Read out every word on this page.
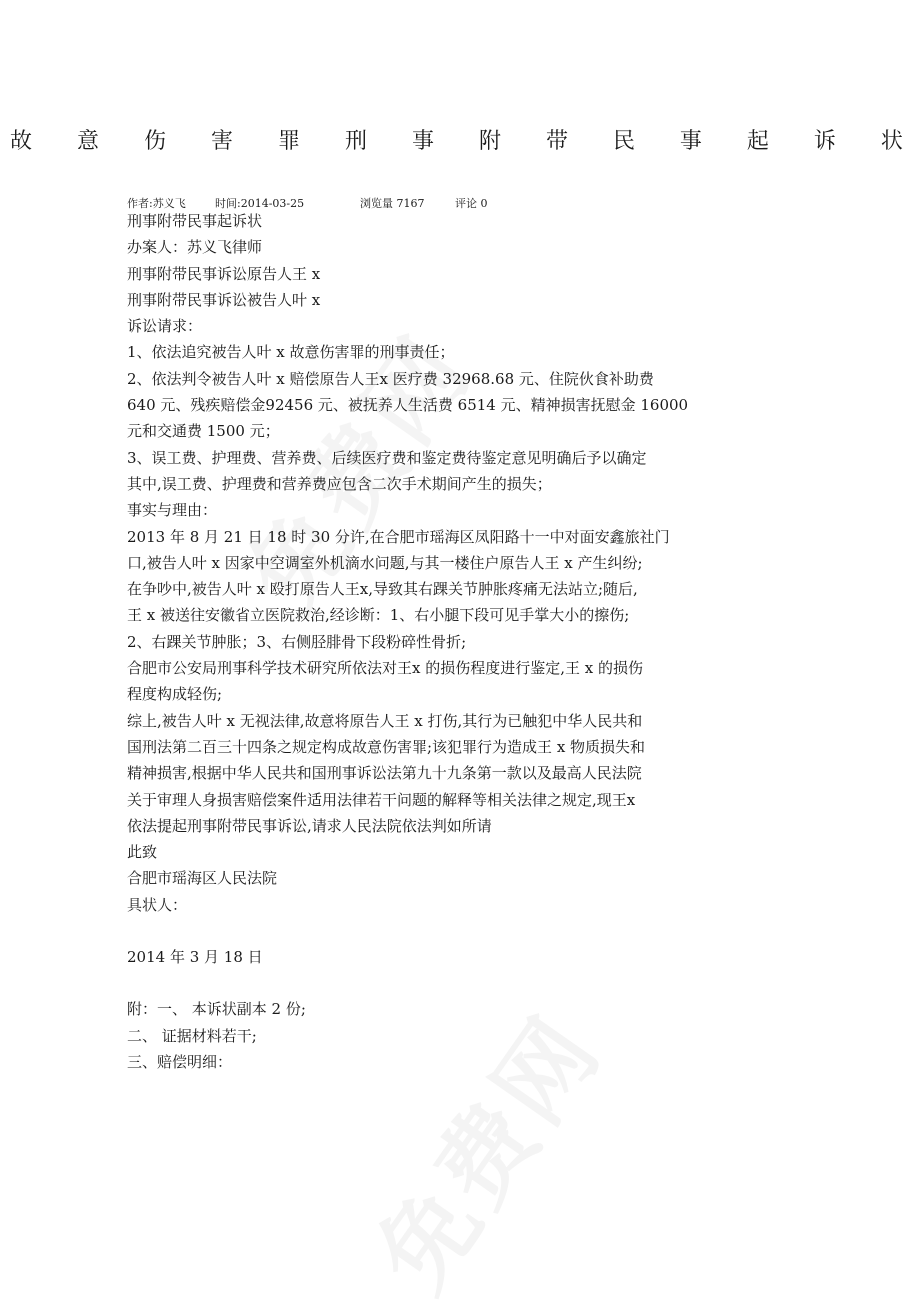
故 意 伤 害 罪 刑 事 附 带 民 事 起 诉 状
作者:苏义飞	时间:2014-03-25	浏览量 7167	评论 0

刑事附带民事起诉状

办案人：苏义飞律师

刑事附带民事诉讼原告人王 x

刑事附带民事诉讼被告人叶 x

诉讼请求：

1、依法追究被告人叶 x 故意伤害罪的刑事责任；

2、依法判令被告人叶 x 赔偿原告人王x 医疗费 32968.68 元、住院伙食补助费

640 元、残疾赔偿金92456 元、被抚养人生活费 6514 元、精神损害抚慰金 16000

元和交通费 1500 元；

3、误工费、护理费、营养费、后续医疗费和鉴定费待鉴定意见明确后予以确定

其中,误工费、护理费和营养费应包含二次手术期间产生的损失；

事实与理由：

2013 年 8 月 21 日 18 时 30 分许,在合肥市瑶海区凤阳路十一中对面安鑫旅社门

口,被告人叶 x 因家中空调室外机滴水问题,与其一楼住户原告人王 x 产生纠纷;

在争吵中,被告人叶 x 殴打原告人王x,导致其右踝关节肿胀疼痛无法站立;随后,

王 x 被送往安徽省立医院救治,经诊断：1、右小腿下段可见手掌大小的擦伤;

2、右踝关节肿胀；3、右侧胫腓骨下段粉碎性骨折;

合肥市公安局刑事科学技术研究所依法对王x 的损伤程度进行鉴定,王 x 的损伤

程度构成轻伤;

综上,被告人叶 x 无视法律,故意将原告人王 x 打伤,其行为已触犯中华人民共和

国刑法第二百三十四条之规定构成故意伤害罪;该犯罪行为造成王 x 物质损失和

精神损害,根据中华人民共和国刑事诉讼法第九十九条第一款以及最高人民法院

关于审理人身损害赔偿案件适用法律若干问题的解释等相关法律之规定,现王x

依法提起刑事附带民事诉讼,请求人民法院依法判如所请

此致

合肥市瑶海区人民法院

具状人：

2014 年 3 月 18 日

附：一、 本诉状副本 2 份;

二、 证据材料若干;

三、赔偿明细：
